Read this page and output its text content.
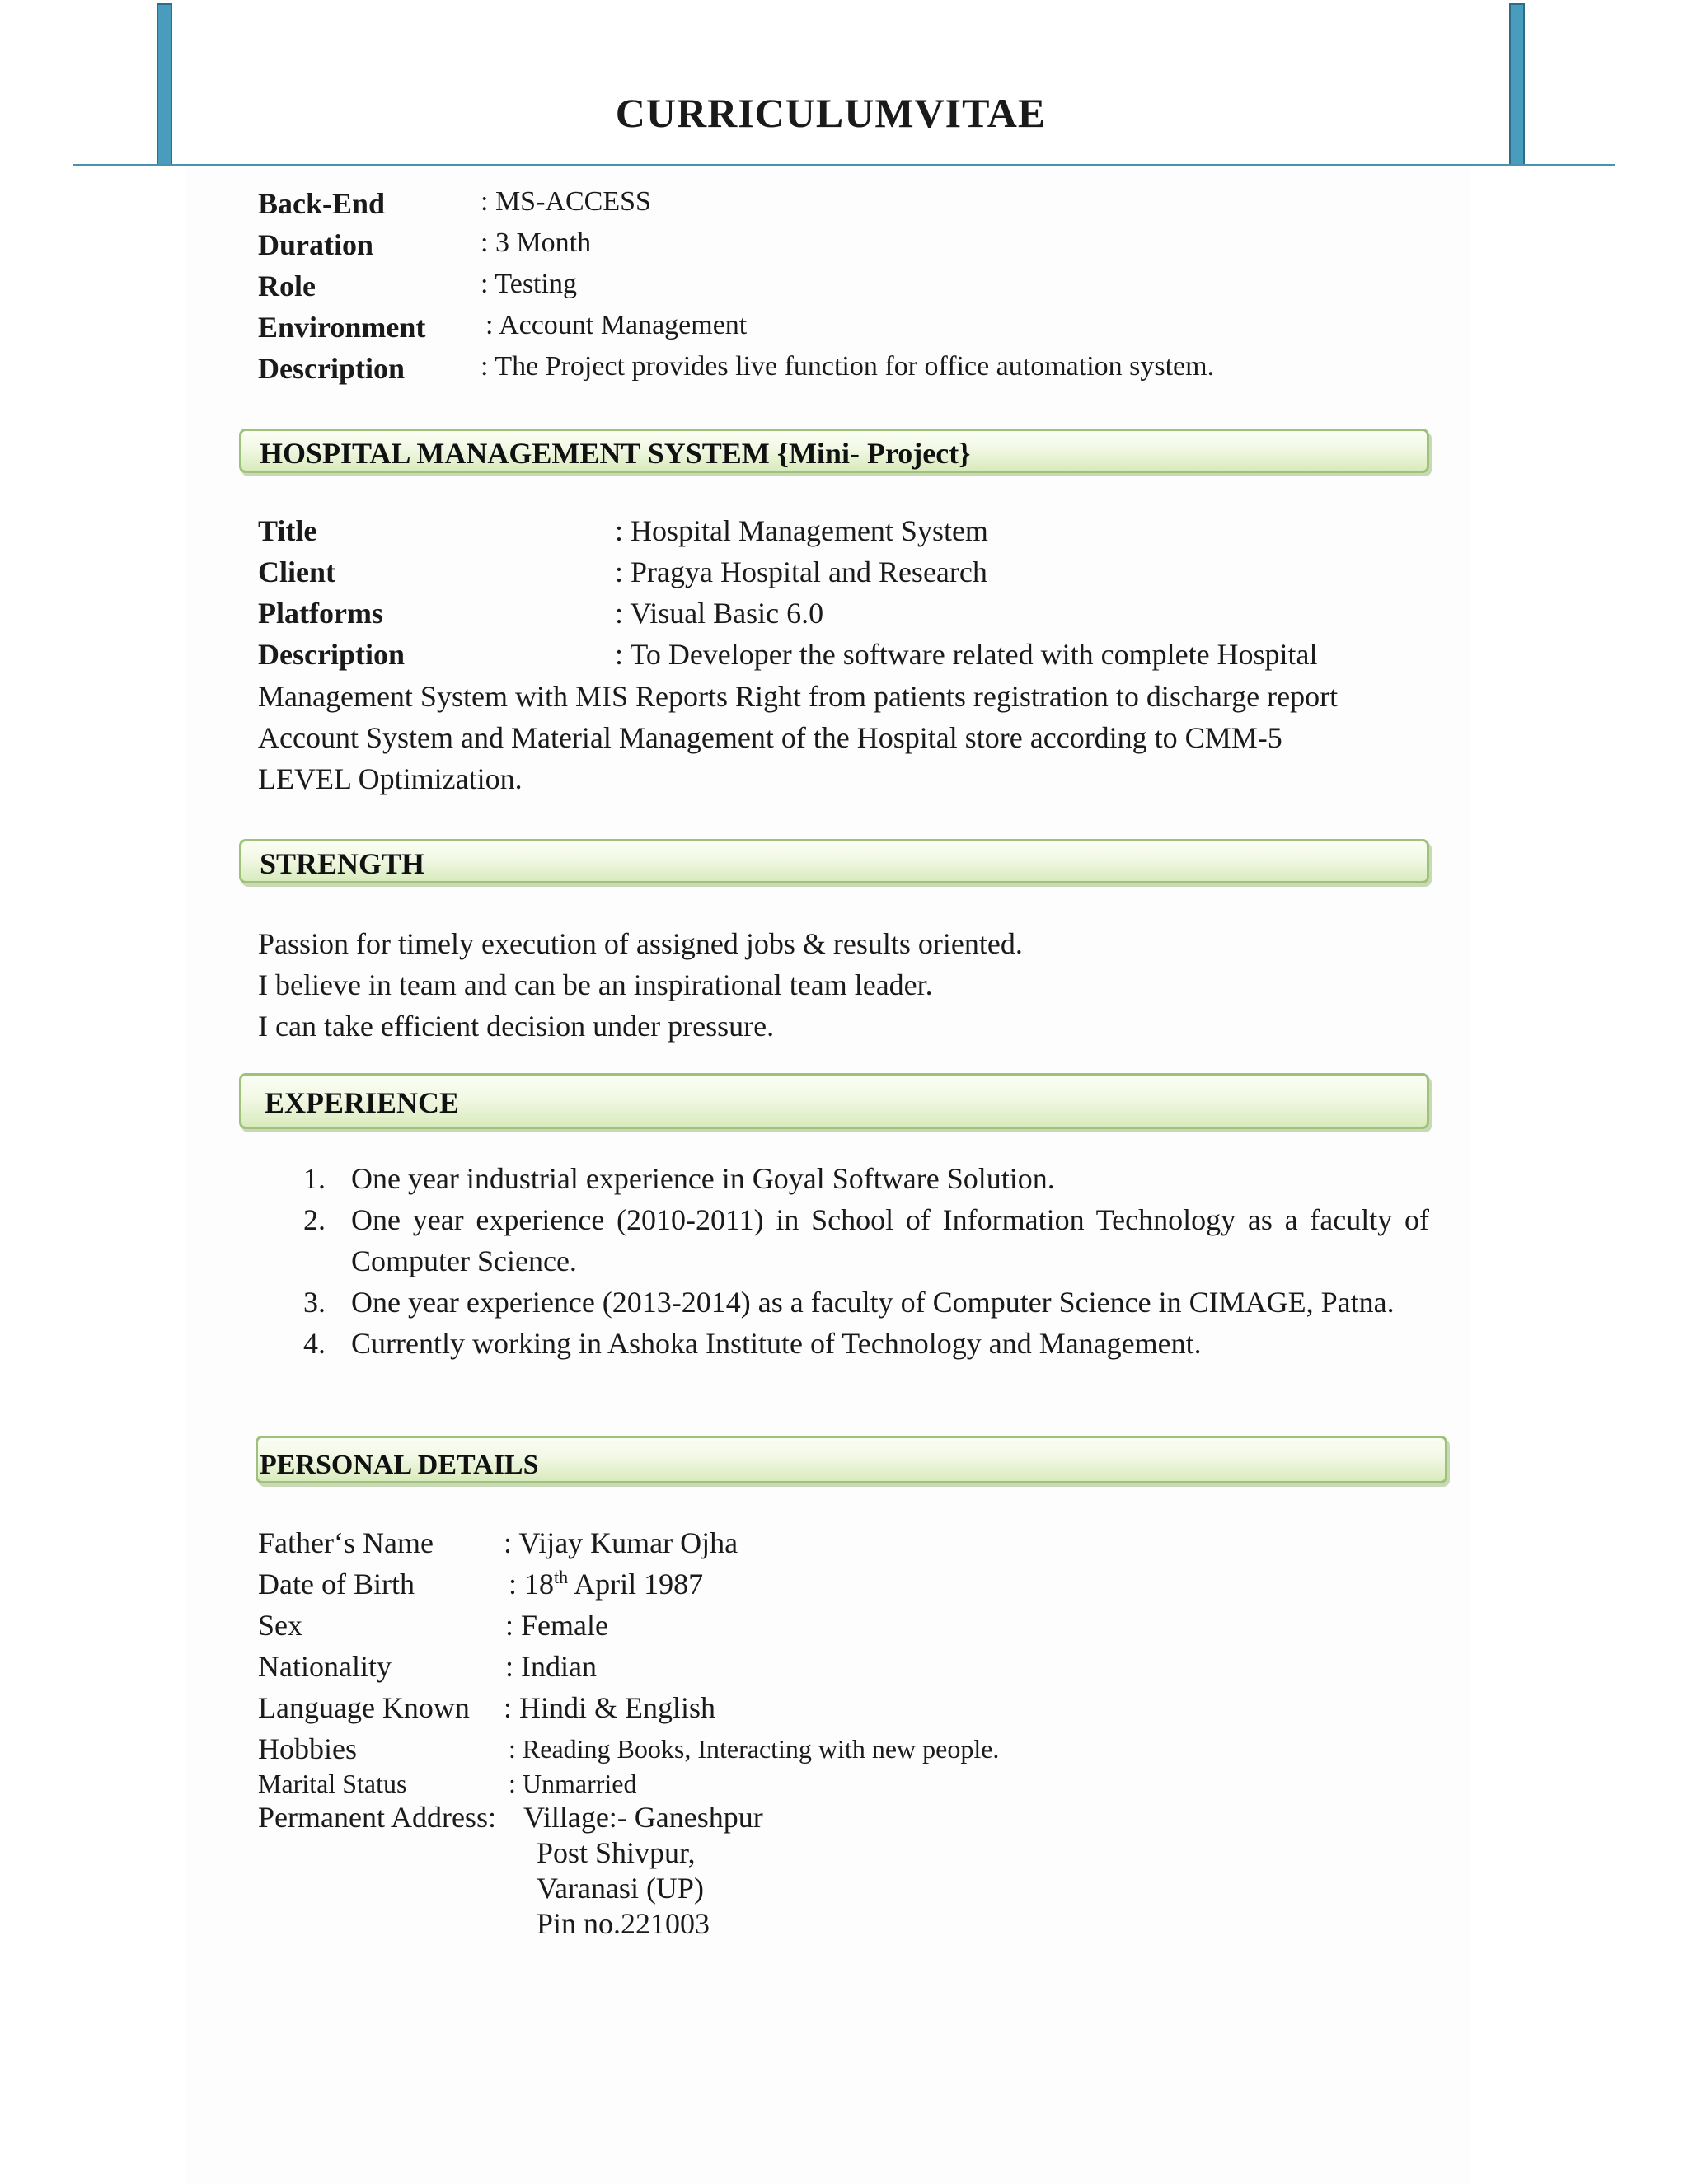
CURRICULUMVITAE
Back-End	: MS-ACCESS
Duration	: 3 Month
Role	: Testing
Environment : Account Management
Description	: The Project provides live function for office automation system.
HOSPITAL MANAGEMENT SYSTEM {Mini- Project}
Title	: Hospital Management System
Client	: Pragya Hospital and Research
Platforms	: Visual Basic 6.0
Description	: To Developer the software related with complete Hospital
Management System with MIS Reports Right from patients registration to discharge report
Account System and Material Management of the Hospital store according to CMM-5
LEVEL Optimization.
STRENGTH
Passion for timely execution of assigned jobs & results oriented.
I believe in team and can be an inspirational team leader.
I can take efficient decision under pressure.
EXPERIENCE
1. One year industrial experience in Goyal Software Solution.
2. One year experience (2010-2011) in School of Information Technology as a faculty of Computer Science.
3. One year experience (2013-2014) as a faculty of Computer Science in CIMAGE, Patna.
4. Currently working in Ashoka Institute of Technology and Management.
PERSONAL DETAILS
Father‘s Name : Vijay Kumar Ojha
Date of Birth	: 18th April 1987
Sex	: Female
Nationality	: Indian
Language Known : Hindi & English
Hobbies	: Reading Books, Interacting with new people.
Marital Status	: Unmarried
Permanent Address: Village:- Ganeshpur
Post Shivpur,
Varanasi (UP)
Pin no.221003
